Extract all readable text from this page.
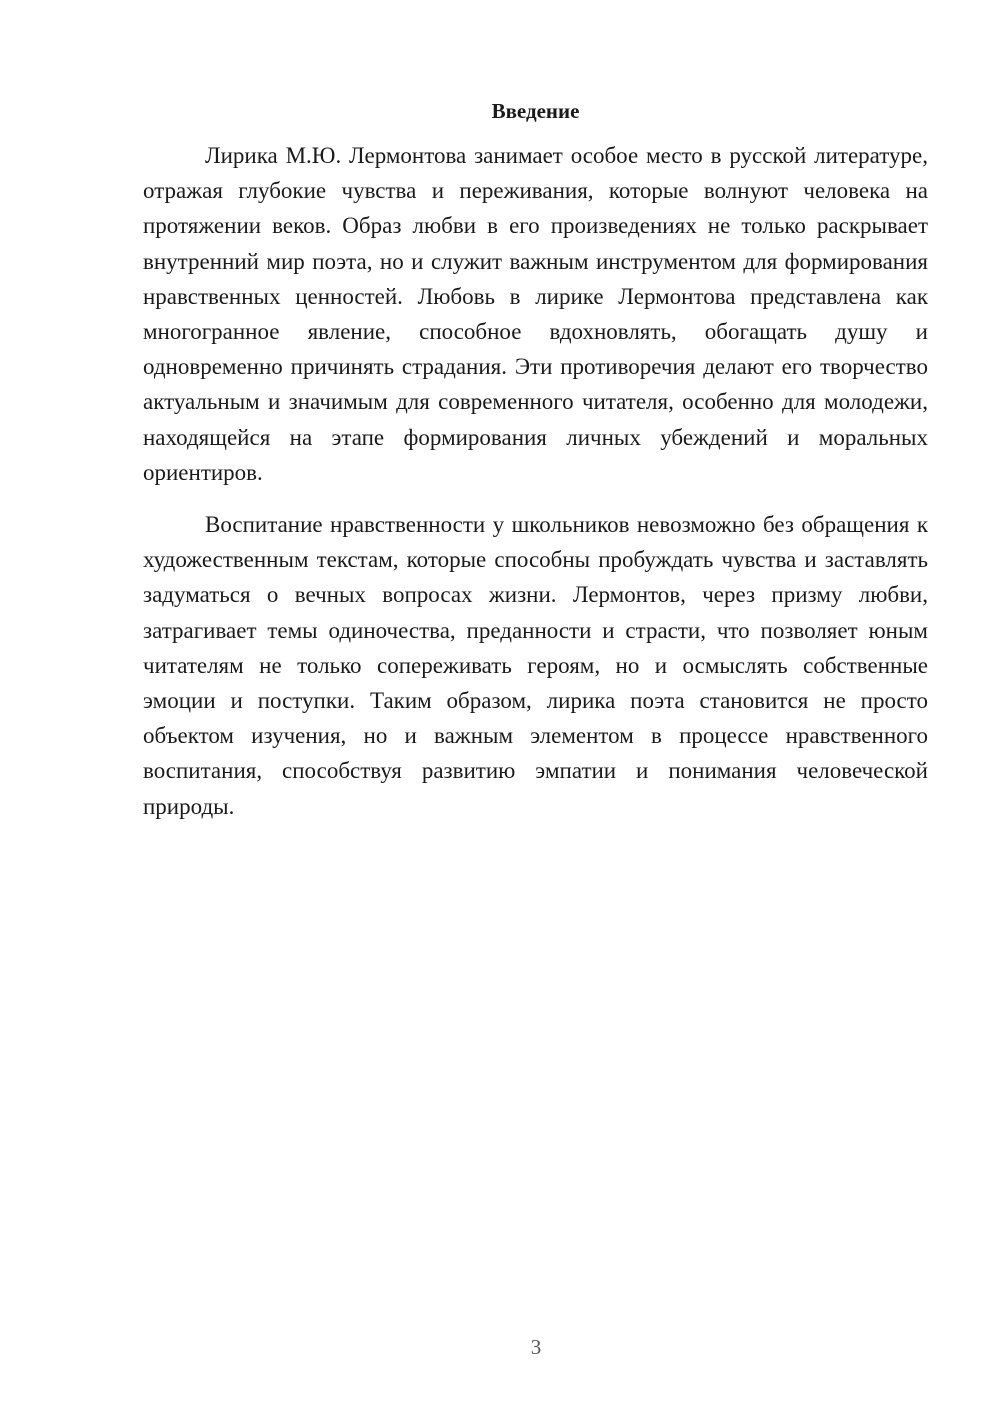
Введение

Лирика М.Ю. Лермонтова занимает особое место в русской литературе, отражая глубокие чувства и переживания, которые волнуют человека на протяжении веков. Образ любви в его произведениях не только раскрывает внутренний мир поэта, но и служит важным инструментом для формирования нравственных ценностей. Любовь в лирике Лермонтова представлена как многогранное явление, способное вдохновлять, обогащать душу и одновременно причинять страдания. Эти противоречия делают его творчество актуальным и значимым для современного читателя, особенно для молодежи, находящейся на этапе формирования личных убеждений и моральных ориентиров.

Воспитание нравственности у школьников невозможно без обращения к художественным текстам, которые способны пробуждать чувства и заставлять задуматься о вечных вопросах жизни. Лермонтов, через призму любви, затрагивает темы одиночества, преданности и страсти, что позволяет юным читателям не только сопереживать героям, но и осмыслять собственные эмоции и поступки. Таким образом, лирика поэта становится не просто объектом изучения, но и важным элементом в процессе нравственного воспитания, способствуя развитию эмпатии и понимания человеческой природы.

3
